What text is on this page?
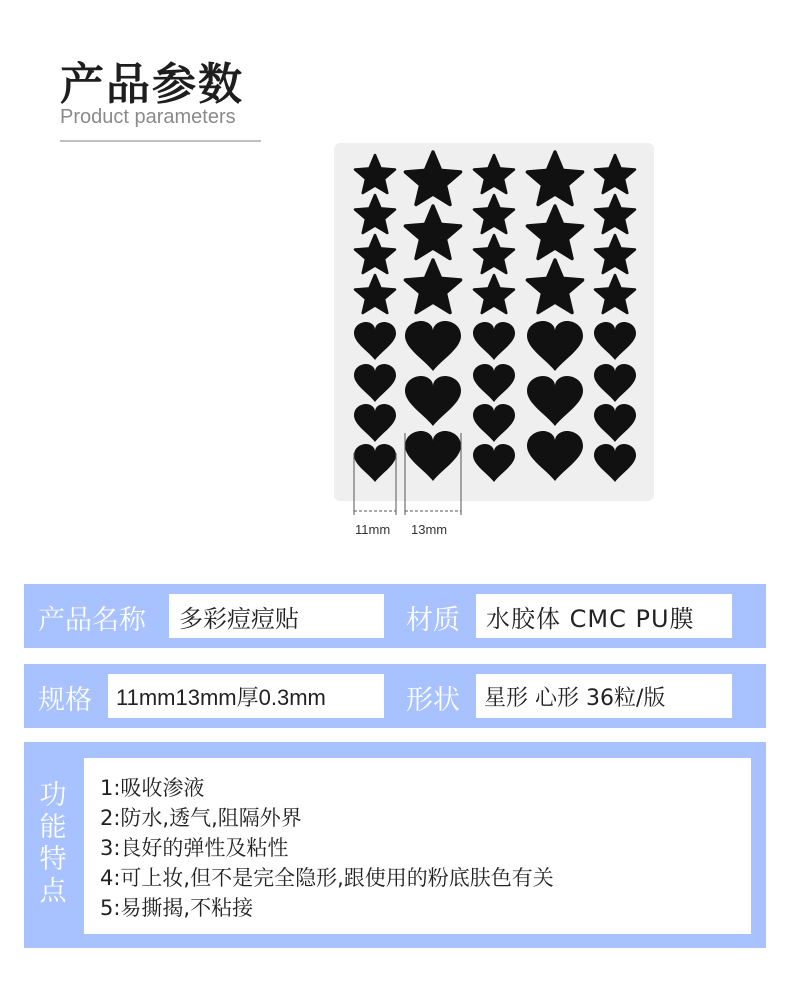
产品参数
Product parameters
11mm 13mm
产品名称 多彩痘痘贴	材质 水胶体 CMC PU膜
规格 11mm13mm厚0.3mm	形状 星形 心形 36粒/版
功
能
特
点
1:吸收渗液
2:防水,透气,阻隔外界
3:良好的弹性及粘性
4:可上妆,但不是完全隐形,跟使用的粉底肤色有关
5:易撕揭,不粘接
